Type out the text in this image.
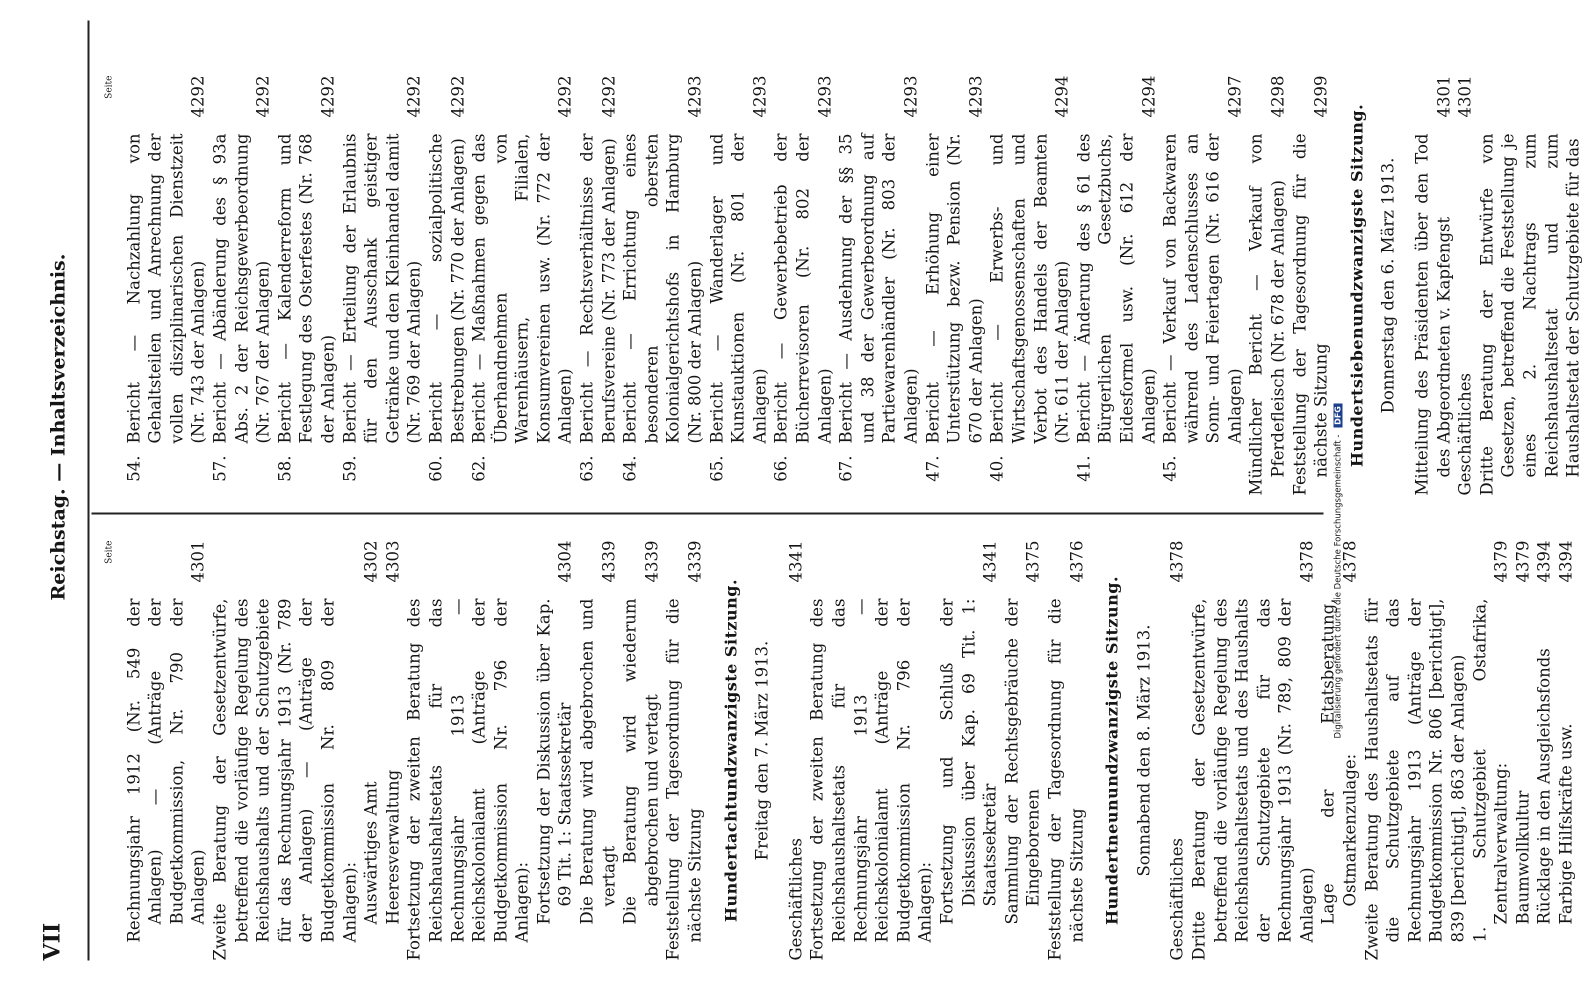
VII
Reichstag. — Inhaltsverzeichnis.
Seite
54.
Bericht — Nachzahlung von Gehaltsteilen und Anrechnung der vollen disziplinarischen Dienstzeit (Nr. 743 der Anlagen)
4292
57.
Bericht — Abänderung des § 93a Abs. 2 der Reichsgewerbeordnung (Nr. 767 der Anlagen)
4292
58.
Bericht — Kalenderreform und Festlegung des Osterfestes (Nr. 768 der Anlagen)
4292
59.
Bericht — Erteilung der Erlaubnis für den Ausschank geistiger Getränke und den Kleinhandel damit (Nr. 769 der Anlagen)
4292
60.
Bericht — sozialpolitische Bestrebungen (Nr. 770 der Anlagen)
4292
62.
Bericht — Maßnahmen gegen das Überhandnehmen von Warenhäusern, Filialen, Konsumvereinen usw. (Nr. 772 der Anlagen)
4292
63.
Bericht — Rechtsverhältnisse der Berufsvereine (Nr. 773 der Anlagen)
4292
64.
Bericht — Errichtung eines besonderen obersten Kolonialgerichtshofs in Hamburg (Nr. 800 der Anlagen)
4293
65.
Bericht — Wanderlager und Kunstauktionen (Nr. 801 der Anlagen)
4293
66.
Bericht — Gewerbebetrieb der Bücherrevisoren (Nr. 802 der Anlagen)
4293
67.
Bericht — Ausdehnung der §§ 35 und 38 der Gewerbeordnung auf Partiewarenhändler (Nr. 803 der Anlagen)
4293
47.
Bericht — Erhöhung einer Unterstützung bezw. Pension (Nr. 670 der Anlagen)
4293
40.
Bericht — Erwerbs- und Wirtschaftsgenossenschaften und Verbot des Handels der Beamten (Nr. 611 der Anlagen)
4294
41.
Bericht — Änderung des § 61 des Bürgerlichen Gesetzbuchs, Eidesformel usw. (Nr. 612 der Anlagen)
4294
45.
Bericht — Verkauf von Backwaren während des Ladenschlusses an Sonn- und Feiertagen (Nr. 616 der Anlagen)
4297
Mündlicher Bericht — Verkauf von Pferdefleisch (Nr. 678 der Anlagen)
4298
Feststellung der Tagesordnung für die nächste Sitzung
4299
Hundertsiebenundzwanzigste Sitzung. Donnerstag den 6. März 1913. Mitteilung des Präsidenten über den Tod des Abgeordneten v. Kapfengst
4301
Geschäftliches
4301
Dritte Beratung der Entwürfe von Gesetzen, betreffend die Feststellung je eines 2. Nachtrags zum Reichshaushaltsetat und zum Haushaltsetat der Schutzgebiete für das
Seite
Rechnungsjahr 1912 (Nr. 549 der Anlagen) — (Anträge der Budgetkommission, Nr. 790 der Anlagen)
4301
Zweite Beratung der Gesetzentwürfe, betreffend die vorläufige Regelung des Reichshaushalts und der Schutzgebiete für das Rechnungsjahr 1913 (Nr. 789 der Anlagen) — (Anträge der Budgetkommission Nr. 809 der Anlagen): Auswärtiges Amt
4302
Heeresverwaltung
4303
Fortsetzung der zweiten Beratung des Reichshaushaltsetats für das Rechnungsjahr 1913 — Reichskolonialamt (Anträge der Budgetkommission Nr. 796 der Anlagen): Fortsetzung der Diskussion über Kap. 69 Tit. 1: Staatssekretär
4304
Die Beratung wird abgebrochen und vertagt
4339
Die Beratung wird wiederum abgebrochen und vertagt
4339
Feststellung der Tagesordnung für die nächste Sitzung
4339
Hundertachtundzwanzigste Sitzung. Freitag den 7. März 1913.
Geschäftliches
4341
Fortsetzung der zweiten Beratung des Reichshaushaltsetats für das Rechnungsjahr 1913 — Reichskolonialamt (Anträge der Budgetkommission Nr. 796 der Anlagen): Fortsetzung und Schluß der Diskussion über Kap. 69 Tit. 1: Staatssekretär
4341
Sammlung der Rechtsgebräuche der Eingeborenen
4375
Feststellung der Tagesordnung für die nächste Sitzung
4376
Hundertneunundzwanzigste Sitzung. Sonnabend den 8. März 1913.
Geschäftliches
4378
Dritte Beratung der Gesetzentwürfe, betreffend die vorläufige Regelung des Reichshaushaltsetats und des Haushalts der Schutzgebiete für das Rechnungsjahr 1913 (Nr. 789, 809 der Anlagen)
4378
Lage der Etatsberatung, Ostmarkenzulage:
4378
Zweite Beratung des Haushaltsetats für die Schutzgebiete auf das Rechnungsjahr 1913 (Anträge der Budgetkommission Nr. 806 [berichtigt], 839 [berichtigt], 863 der Anlagen) 1. Schutzgebiet Ostafrika, Zentralverwaltung:
4379
Baumwollkultur
4379
Rücklage in den Ausgleichsfonds
4394
Farbige Hilfskräfte usw.
4394
Digitalisierung gefördert durch die Deutsche Forschungsgemeinschaft - DFG
